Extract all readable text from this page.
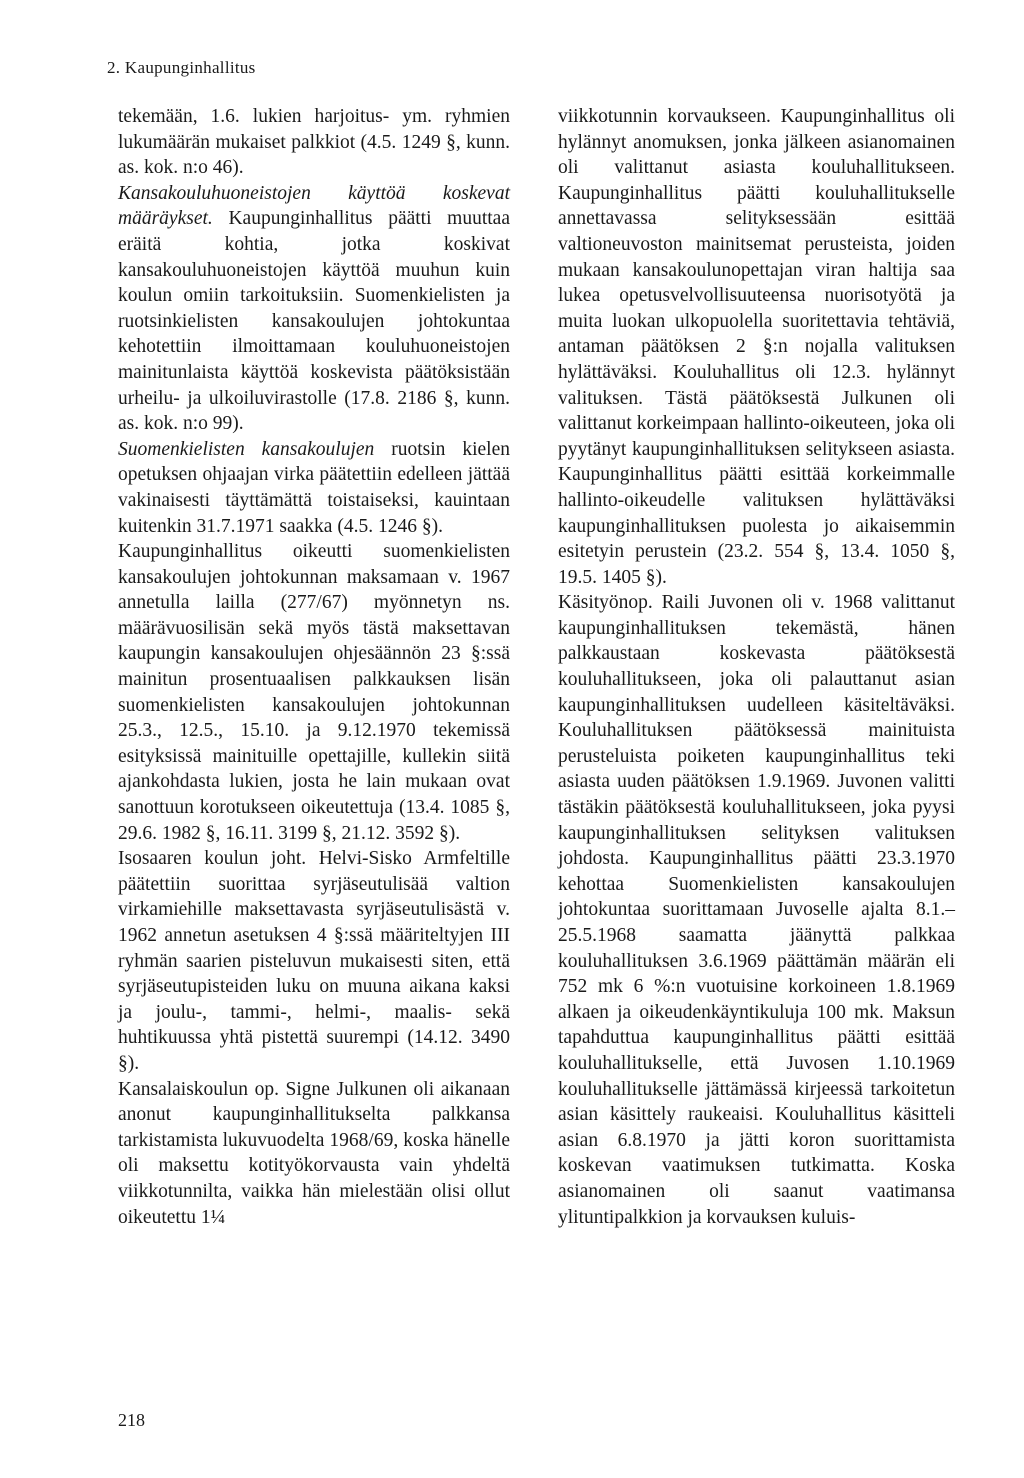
2. Kaupunginhallitus

tekemään, 1.6. lukien harjoitus- ym. ryhmien lukumäärän mukaiset palkkiot (4.5. 1249 §, kunn. as. kok. n:o 46).

Kansakouluhuoneistojen käyttöä koskevat määräykset. Kaupunginhallitus päätti muuttaa eräitä kohtia, jotka koskivat kansakouluhuoneistojen käyttöä muuhun kuin koulun omiin tarkoituksiin. Suomenkielisten ja ruotsinkielisten kansakoulujen johtokuntaa kehotettiin ilmoittamaan kouluhuoneistojen mainitunlaista käyttöä koskevista päätöksistään urheilu- ja ulkoiluvirastolle (17.8. 2186 §, kunn. as. kok. n:o 99).

Suomenkielisten kansakoulujen ruotsin kielen opetuksen ohjaajan virka päätettiin edelleen jättää vakinaisesti täyttämättä toistaiseksi, kauintaan kuitenkin 31.7.1971 saakka (4.5. 1246 §).

Kaupunginhallitus oikeutti suomenkielisten kansakoulujen johtokunnan maksamaan v. 1967 annetulla lailla (277/67) myönnetyn ns. määrävuosilisän sekä myös tästä maksettavan kaupungin kansakoulujen ohjesäännön 23 §:ssä mainitun prosentuaalisen palkkauksen lisän suomenkielisten kansakoulujen johtokunnan 25.3., 12.5., 15.10. ja 9.12.1970 tekemissä esityksissä mainituille opettajille, kullekin siitä ajankohdasta lukien, josta he lain mukaan ovat sanottuun korotukseen oikeutettuja (13.4. 1085 §, 29.6. 1982 §, 16.11. 3199 §, 21.12. 3592 §).

Isosaaren koulun joht. Helvi-Sisko Armfeltille päätettiin suorittaa syrjäseutulisää valtion virkamiehille maksettavasta syrjäseutulisästä v. 1962 annetun asetuksen 4 §:ssä määriteltyjen III ryhmän saarien pisteluvun mukaisesti siten, että syrjäseutupisteiden luku on muuna aikana kaksi ja joulu-, tammi-, helmi-, maalis- sekä huhtikuussa yhtä pistettä suurempi (14.12. 3490 §).

Kansalaiskoulun op. Signe Julkunen oli aikanaan anonut kaupunginhallitukselta palkkansa tarkistamista lukuvuodelta 1968/69, koska hänelle oli maksettu kotityökorvausta vain yhdeltä viikkotunnilta, vaikka hän mielestään olisi ollut oikeutettu 1¼

viikkotunnin korvaukseen. Kaupunginhallitus oli hylännyt anomuksen, jonka jälkeen asianomainen oli valittanut asiasta kouluhallitukseen. Kaupunginhallitus päätti kouluhallitukselle annettavassa selityksessään esittää valtioneuvoston mainitsemat perusteista, joiden mukaan kansakoulunopettajan viran haltija saa lukea opetusvelvollisuuteensa nuorisotyötä ja muita luokan ulkopuolella suoritettavia tehtäviä, antaman päätöksen 2 §:n nojalla valituksen hylättäväksi. Kouluhallitus oli 12.3. hylännyt valituksen. Tästä päätöksestä Julkunen oli valittanut korkeimpaan hallinto-oikeuteen, joka oli pyytänyt kaupunginhallituksen selitykseen asiasta. Kaupunginhallitus päätti esittää korkeimmalle hallinto-oikeudelle valituksen hylättäväksi kaupunginhallituksen puolesta jo aikaisemmin esitetyin perustein (23.2. 554 §, 13.4. 1050 §, 19.5. 1405 §).

Käsityönop. Raili Juvonen oli v. 1968 valittanut kaupunginhallituksen tekemästä, hänen palkkaustaan koskevasta päätöksestä kouluhallitukseen, joka oli palauttanut asian kaupunginhallituksen uudelleen käsiteltäväksi. Kouluhallituksen päätöksessä mainituista perusteluista poiketen kaupunginhallitus teki asiasta uuden päätöksen 1.9.1969. Juvonen valitti tästäkin päätöksestä kouluhallitukseen, joka pyysi kaupunginhallituksen selityksen valituksen johdosta. Kaupunginhallitus päätti 23.3.1970 kehottaa Suomenkielisten kansakoulujen johtokuntaa suorittamaan Juvoselle ajalta 8.1.–25.5.1968 saamatta jäänyttä palkkaa kouluhallituksen 3.6.1969 päättämän määrän eli 752 mk 6 %:n vuotuisine korkoineen 1.8.1969 alkaen ja oikeudenkäyntikuluja 100 mk. Maksun tapahduttua kaupunginhallitus päätti esittää kouluhallitukselle, että Juvosen 1.10.1969 kouluhallitukselle jättämässä kirjeessä tarkoitetun asian käsittely raukeaisi. Kouluhallitus käsitteli asian 6.8.1970 ja jätti koron suorittamista koskevan vaatimuksen tutkimatta. Koska asianomainen oli saanut vaatimansa ylituntipalkkion ja korvauksen kuluis-

218
